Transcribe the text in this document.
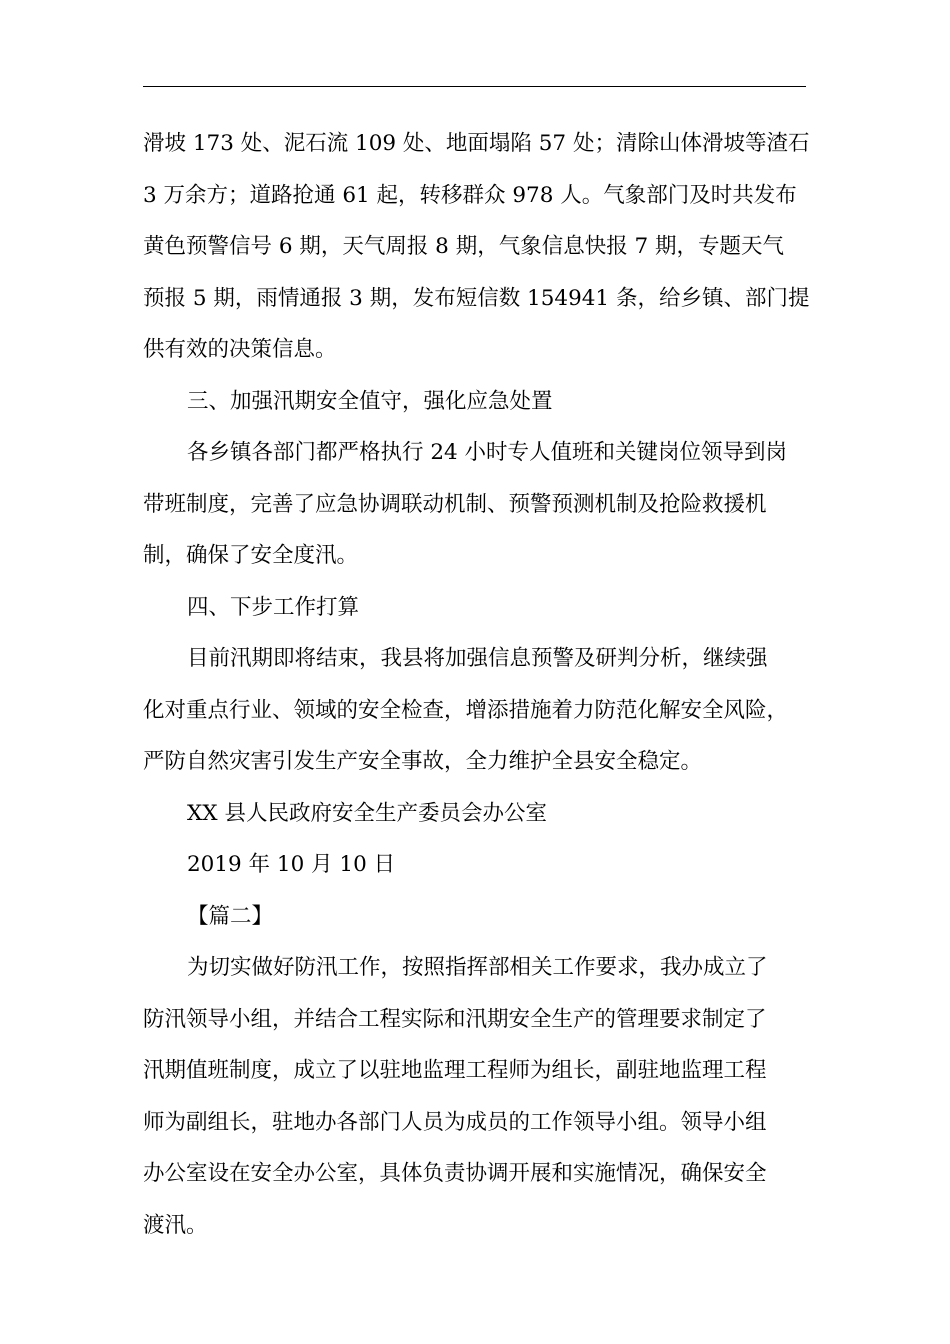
滑坡 173 处、泥石流 109 处、地面塌陷 57 处；清除山体滑坡等渣石
3 万余方；道路抢通 61 起，转移群众 978 人。气象部门及时共发布
黄色预警信号 6 期，天气周报 8 期，气象信息快报 7 期，专题天气
预报 5 期，雨情通报 3 期，发布短信数 154941 条，给乡镇、部门提
供有效的决策信息。
三、加强汛期安全值守，强化应急处置
各乡镇各部门都严格执行 24 小时专人值班和关键岗位领导到岗
带班制度，完善了应急协调联动机制、预警预测机制及抢险救援机
制，确保了安全度汛。
四、下步工作打算
目前汛期即将结束，我县将加强信息预警及研判分析，继续强
化对重点行业、领域的安全检查，增添措施着力防范化解安全风险，
严防自然灾害引发生产安全事故，全力维护全县安全稳定。
XX 县人民政府安全生产委员会办公室
2019 年 10 月 10 日
【篇二】
为切实做好防汛工作，按照指挥部相关工作要求，我办成立了
防汛领导小组，并结合工程实际和汛期安全生产的管理要求制定了
汛期值班制度，成立了以驻地监理工程师为组长，副驻地监理工程
师为副组长，驻地办各部门人员为成员的工作领导小组。领导小组
办公室设在安全办公室，具体负责协调开展和实施情况，确保安全
渡汛。
